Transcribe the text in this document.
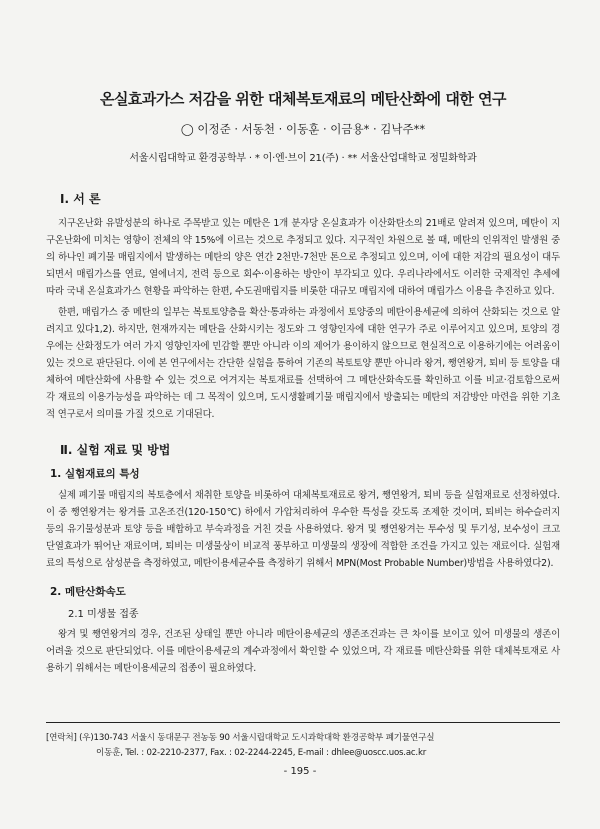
온실효과가스 저감을 위한 대체복토재료의 메탄산화에 대한 연구
◯ 이정준 · 서동천 · 이동훈 · 이금용* · 김낙주**
서울시립대학교 환경공학부 · * 이·엔·브이 21(주) · ** 서울산업대학교 정밀화학과
Ⅰ. 서 론

지구온난화 유발성분의 하나로 주목받고 있는 메탄은 1개 분자당 온실효과가 이산화탄소의 21배로 알려져 있으며, 메탄이 지구온난화에 미치는 영향이 전체의 약 15%에 이르는 것으로 추정되고 있다. 지구적인 차원으로 볼 때, 메탄의 인위적인 발생원 중의 하나인 폐기물 매립지에서 발생하는 메탄의 양은 연간 2천만-7천만 톤으로 추정되고 있으며, 이에 대한 저감의 필요성이 대두되면서 매립가스를 연료, 열에너지, 전력 등으로 회수·이용하는 방안이 부각되고 있다. 우리나라에서도 이러한 국제적인 추세에 따라 국내 온실효과가스 현황을 파악하는 한편, 수도권매립지를 비롯한 대규모 매립지에 대하여 매립가스 이용을 추진하고 있다.

한편, 매립가스 중 메탄의 일부는 복토토양층을 확산·통과하는 과정에서 토양중의 메탄이용세균에 의하여 산화되는 것으로 알려지고 있다1,2). 하지만, 현재까지는 메탄을 산화시키는 정도와 그 영향인자에 대한 연구가 주로 이루어지고 있으며, 토양의 경우에는 산화정도가 여러 가지 영향인자에 민감할 뿐만 아니라 이의 제어가 용이하지 않으므로 현실적으로 이용하기에는 어려움이 있는 것으로 판단된다. 이에 본 연구에서는 간단한 실험을 통하여 기존의 복토토양 뿐만 아니라 왕겨, 쨍연왕겨, 퇴비 등 토양을 대체하여 메탄산화에 사용할 수 있는 것으로 여겨지는 복토재료를 선택하여 그 메탄산화속도를 확인하고 이를 비교·검토함으로써 각 재료의 이용가능성을 파악하는 데 그 목적이 있으며, 도시생활폐기물 매립지에서 방출되는 메탄의 저감방안 마련을 위한 기초적 연구로서 의미를 가질 것으로 기대된다.

Ⅱ. 실험 재료 및 방법
1. 실험재료의 특성

실제 폐기물 매립지의 복토층에서 채취한 토양을 비롯하여 대체복토재료로 왕겨, 쨍연왕겨, 퇴비 등을 실험재료로 선정하였다. 이 중 쨍연왕겨는 왕겨를 고온조건(120-150℃) 하에서 가압처리하여 우수한 특성을 갖도록 조제한 것이며, 퇴비는 하수슬러지 등의 유기물성분과 토양 등을 배합하고 부숙과정을 거친 것을 사용하였다. 왕겨 및 쨍연왕겨는 투수성 및 투기성, 보수성이 크고 단열효과가 뛰어난 재료이며, 퇴비는 미생물상이 비교적 풍부하고 미생물의 생장에 적합한 조건을 가지고 있는 재료이다. 실험재료의 특성으로 삼성분을 측정하였고, 메탄이용세균수를 측정하기 위해서 MPN(Most Probable Number)방법을 사용하였다2).

2. 메탄산화속도
2.1 미생물 접종

왕겨 및 쨍연왕겨의 경우, 건조된 상태일 뿐만 아니라 메탄이용세균의 생존조건과는 큰 차이를 보이고 있어 미생물의 생존이 어려울 것으로 판단되었다. 이를 메탄이용세균의 계수과정에서 확인할 수 있었으며, 각 재료를 메탄산화를 위한 대체복토재로 사용하기 위해서는 메탄이용세균의 접종이 필요하였다.

[연락처] (우)130-743 서울시 동대문구 전농동 90 서울시립대학교 도시과학대학 환경공학부 폐기물연구실
이동훈, Tel. : 02-2210-2377, Fax. : 02-2244-2245, E-mail : dhlee@uoscc.uos.ac.kr
- 195 -
